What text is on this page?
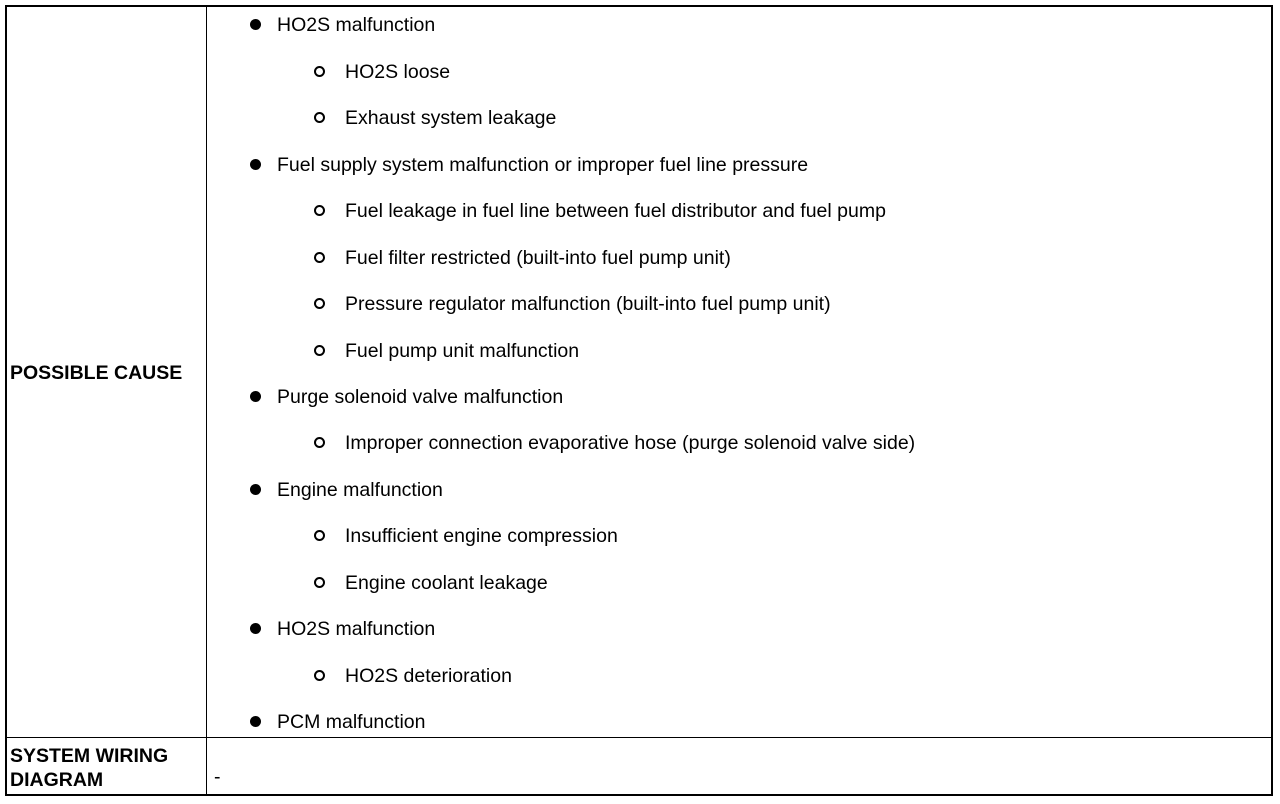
POSSIBLE CAUSE
HO2S malfunction
HO2S loose
Exhaust system leakage
Fuel supply system malfunction or improper fuel line pressure
Fuel leakage in fuel line between fuel distributor and fuel pump
Fuel filter restricted (built-into fuel pump unit)
Pressure regulator malfunction (built-into fuel pump unit)
Fuel pump unit malfunction
Purge solenoid valve malfunction
Improper connection evaporative hose (purge solenoid valve side)
Engine malfunction
Insufficient engine compression
Engine coolant leakage
HO2S malfunction
HO2S deterioration
PCM malfunction
SYSTEM WIRING
DIAGRAM	-
